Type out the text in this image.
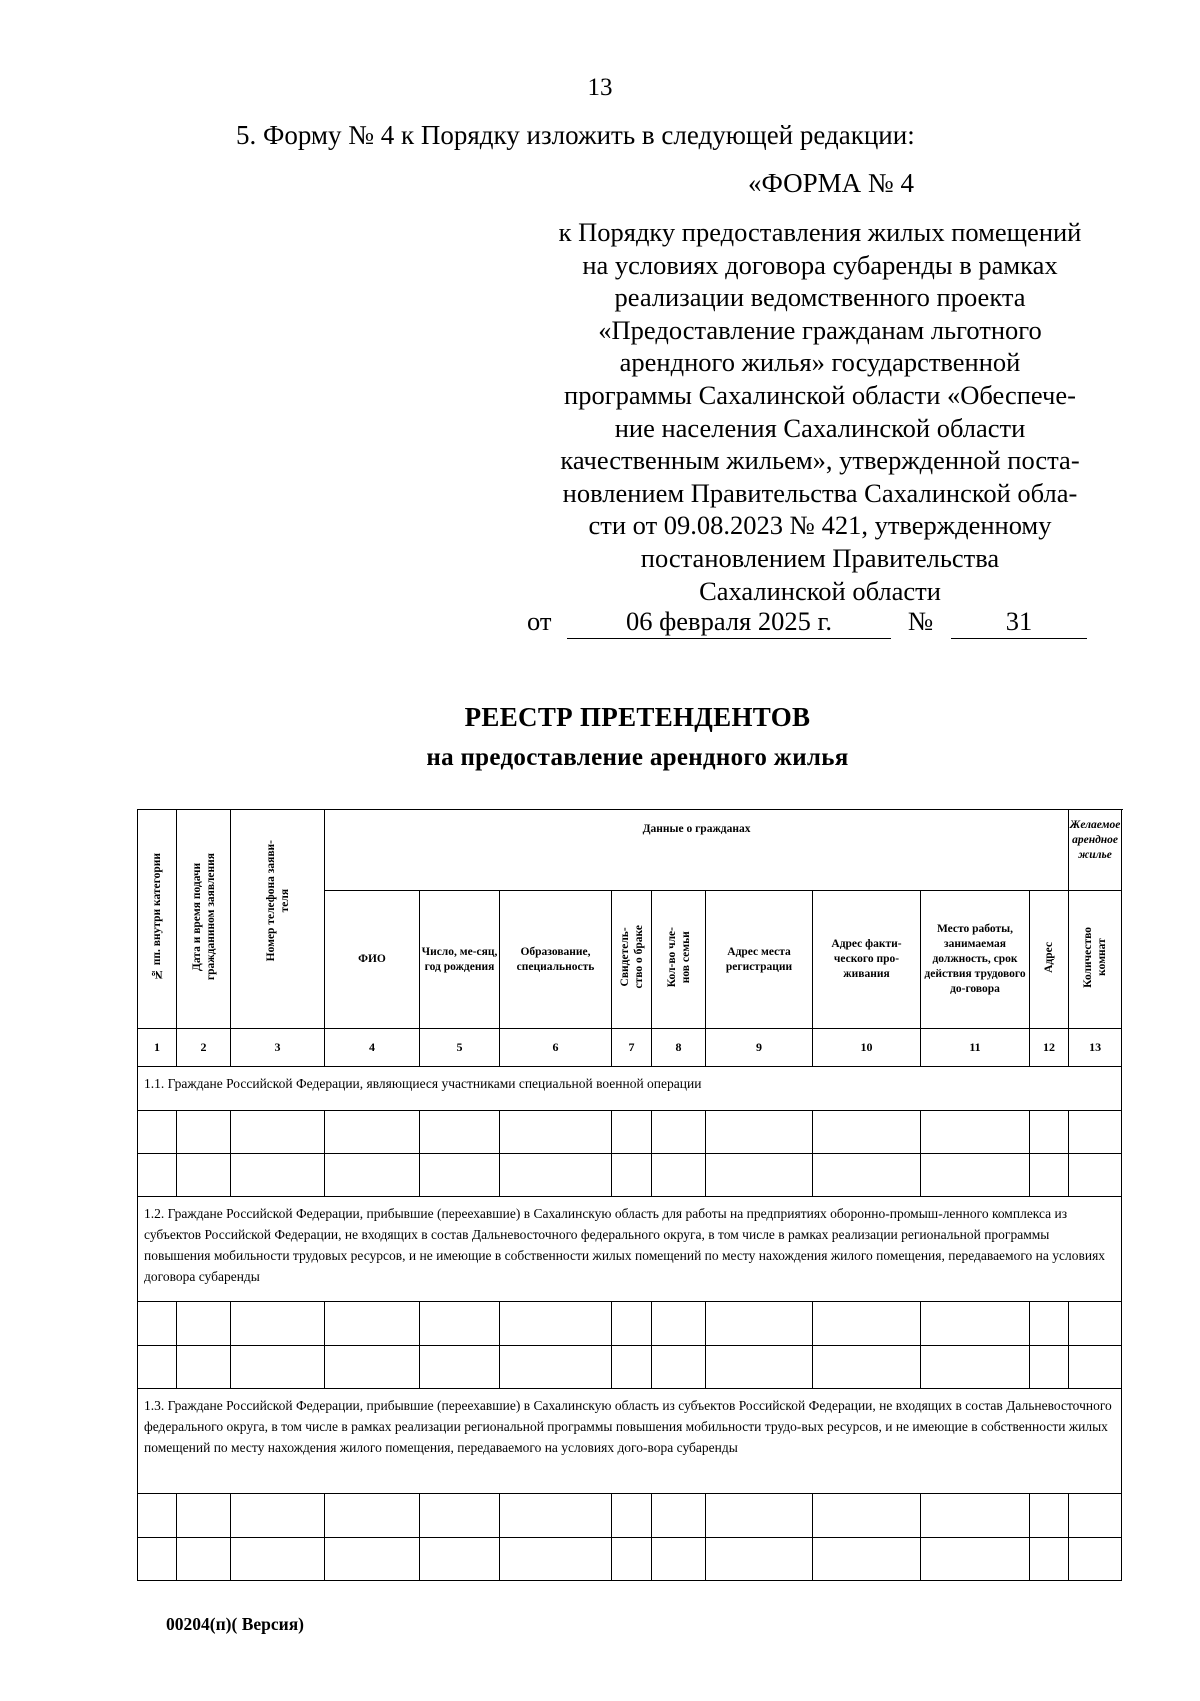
13
5. Форму № 4 к Порядку изложить в следующей редакции:
«ФОРМА № 4
к Порядку предоставления жилых помещений
на условиях договора субаренды в рамках
реализации ведомственного проекта
«Предоставление гражданам льготного
арендного жилья» государственной
программы Сахалинской области «Обеспече-
ние населения Сахалинской области
качественным жильем», утвержденной поста-
новлением Правительства Сахалинской обла-
сти от 09.08.2023 № 421, утвержденному
постановлением Правительства
Сахалинской области
от	06 февраля 2025 г.	№	31
РЕЕСТР ПРЕТЕНДЕНТОВ
на предоставление арендного жилья
№ пп. внутри категории	Дата и время подачи гражданином заявления	Номер телефона заяви- теля	Данные о гражданах									Желаемое арендное жилье
			ФИО	Число, ме-сяц, год рождения	Образование, специальность	Свидетель- ство о браке	Кол-во чле- нов семьи	Адрес места регистрации	Адрес факти-ческого про-живания	Место работы, занимаемая должность, срок действия трудового до-говора	Адрес	Количество комнат
1	2	3	4	5	6	7	8	9	10	11	12	13
1.1. Граждане Российской Федерации, являющиеся участниками специальной военной операции												

1.2. Граждане Российской Федерации, прибывшие (переехавшие) в Сахалинскую область для работы на предприятиях оборонно-промыш-ленного комплекса из субъектов Российской Федерации, не входящих в состав Дальневосточного федерального округа, в том числе в рамках реализации региональной программы повышения мобильности трудовых ресурсов, и не имеющие в собственности жилых помещений по месту нахождения жилого помещения, передаваемого на условиях договора субаренды												

1.3. Граждане Российской Федерации, прибывшие (переехавшие) в Сахалинскую область из субъектов Российской Федерации, не входящих в состав Дальневосточного федерального округа, в том числе в рамках реализации региональной программы повышения мобильности трудо-вых ресурсов, и не имеющие в собственности жилых помещений по месту нахождения жилого помещения, передаваемого на условиях дого-вора субаренды												

00204(п)( Версия)
